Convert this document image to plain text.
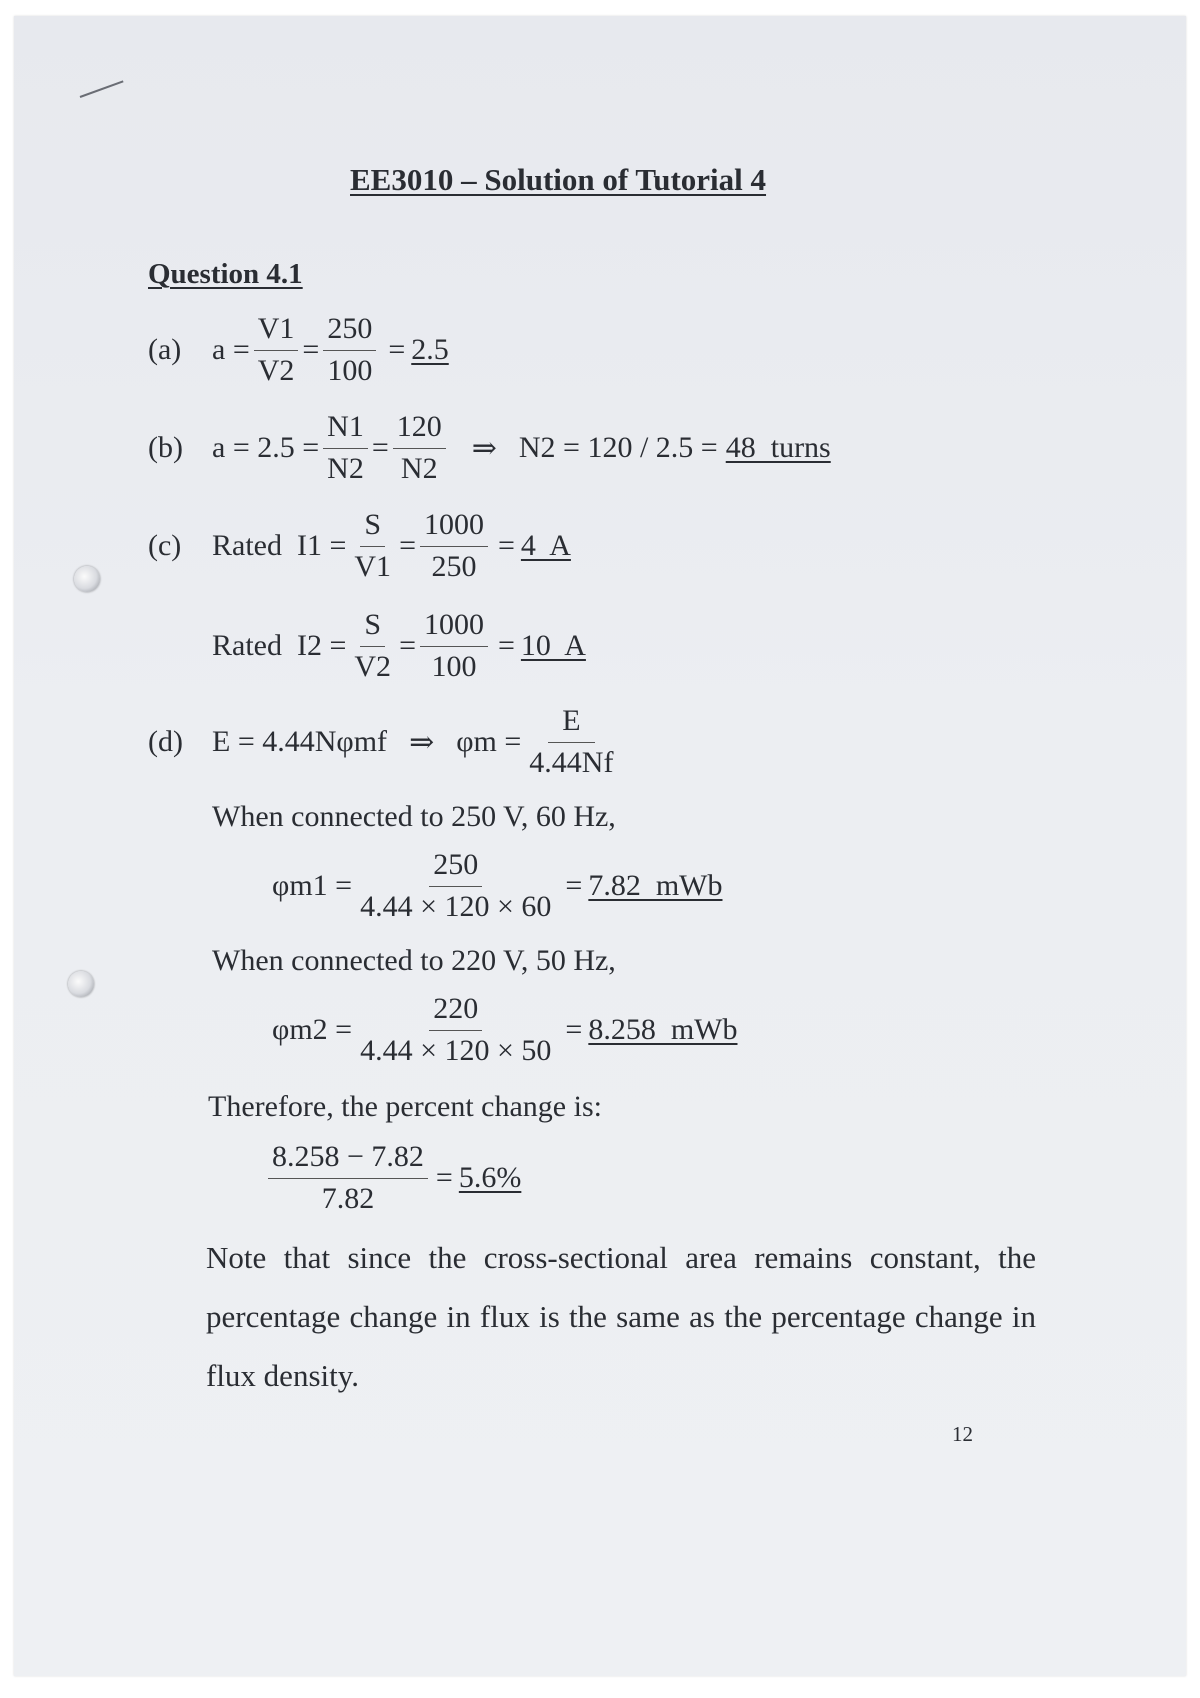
EE3010 – Solution of Tutorial 4
Question 4.1
(a)	$a = \frac{V1}{V2} = \frac{250}{100} = 2.5$
(b) $a = 2.5 = \frac{N1}{N2} = \frac{120}{N2}$ ⇒ N2 = 120 / 2.5 = 48  turns
(c)	Rated  $I1 = \frac{S}{V1} = \frac{1000}{250} = 4$  A
Rated  $I2 = \frac{S}{V2} = \frac{1000}{100} = 10$  A
(d) E = 4.44Nφmf ⇒ $\varphi m = \frac{E}{4.44Nf}$
When connected to 250 V, 60 Hz,
$\varphi m1 = \frac{250}{4.44 \times 120 \times 60} = 7.82$  mWb
When connected to 220 V, 50 Hz,
$\varphi m2 = \frac{220}{4.44 \times 120 \times 50} = 8.258$  mWb
Therefore, the percent change is:
$\frac{8.258 - 7.82}{7.82} = 5.6\%$
Note that since the cross-sectional area remains constant, the percentage change in flux is the same as the percentage change in flux density.
12
